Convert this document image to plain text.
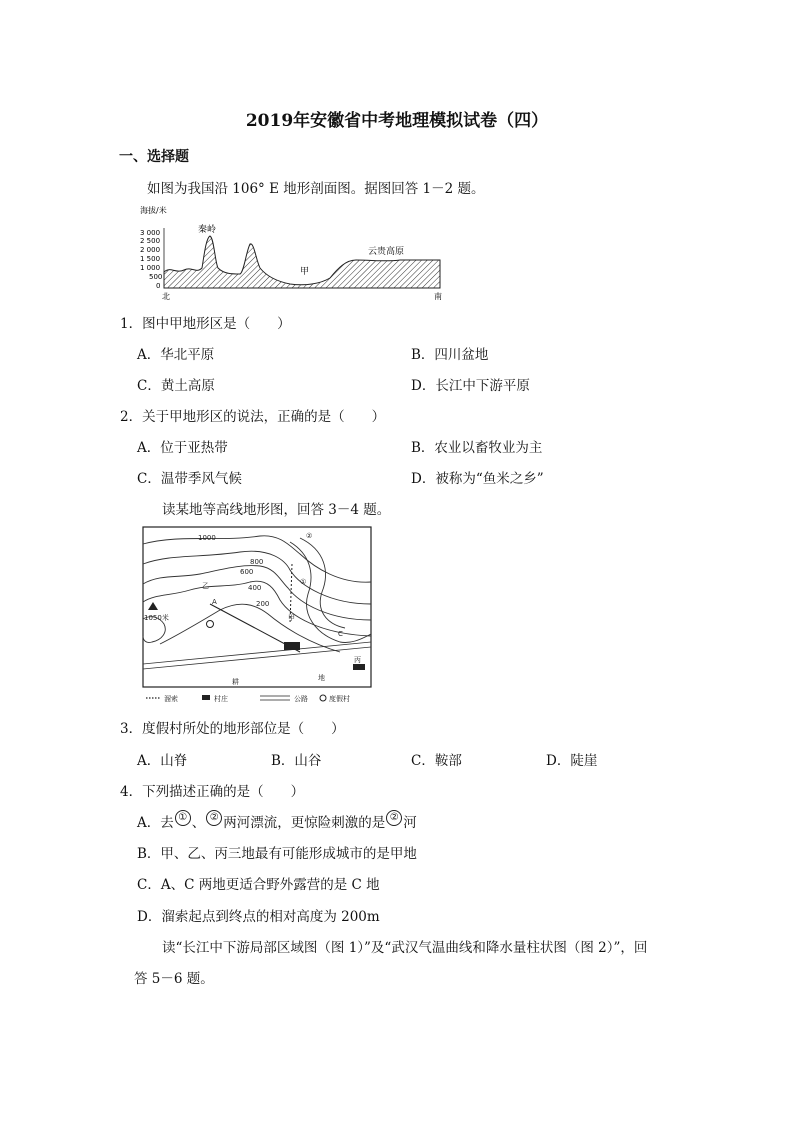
2019年安徽省中考地理模拟试卷（四）
一、选择题
如图为我国沿 106° E 地形剖面图。据图回答 1－2 题。
海拔/米
3 000
2 500
2 000
1 500
1 000
500
0
秦岭
甲
云贵高原
北	南
1．图中甲地形区是（　　）
A．华北平原	B．四川盆地
C．黄土高原	D．长江中下游平原
2．关于甲地形区的说法，正确的是（　　）
A．位于亚热带	B．农业以畜牧业为主
C．温带季风气候	D．被称为“鱼米之乡”
读某地等高线地形图，回答 3－4 题。
1000
800
600
400
200
1050米
乙
甲
丙
耕	地
A
C
①
②
溜索	村庄	公路	度假村
3．度假村所处的地形部位是（　　）
A．山脊	B．山谷	C．鞍部	D．陡崖
4．下列描述正确的是（　　）
A．去 ① 、 ② 两河漂流，更惊险刺激的是 ② 河
B．甲、乙、丙三地最有可能形成城市的是甲地
C．A、C 两地更适合野外露营的是 C 地
D．溜索起点到终点的相对高度为 200m
读“长江中下游局部区域图（图 1）”及“武汉气温曲线和降水量柱状图（图 2）”，回
答 5－6 题。
